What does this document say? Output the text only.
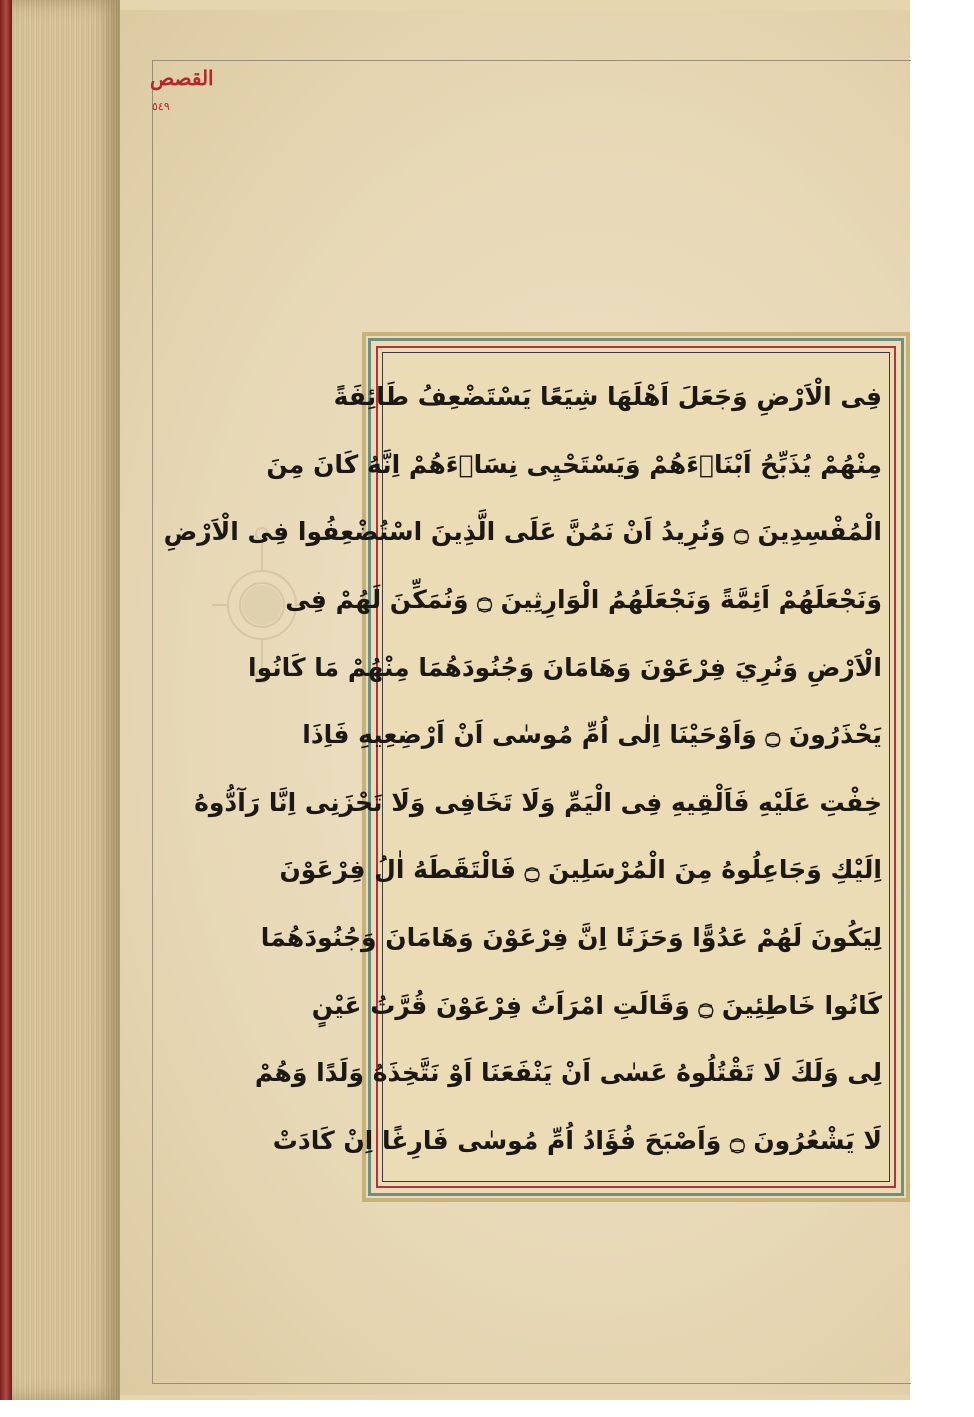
القصص
٥٤٩
فِی الْاَرْضِ وَجَعَلَ اَهْلَهَا شِيَعًا يَسْتَضْعِفُ طَائِفَةً
مِنْهُمْ يُذَبِّحُ اَبْنَاۤءَهُمْ وَيَسْتَحْيِی نِسَاۤءَهُمْ اِنَّهُ كَانَ مِنَ
الْمُفْسِدِينَ ۝ وَنُرِيدُ اَنْ نَمُنَّ عَلَى الَّذِينَ اسْتُضْعِفُوا فِی الْاَرْضِ
وَنَجْعَلَهُمْ اَئِمَّةً وَنَجْعَلَهُمُ الْوَارِثِينَ ۝ وَنُمَكِّنَ لَهُمْ فِی
الْاَرْضِ وَنُرِيَ فِرْعَوْنَ وَهَامَانَ وَجُنُودَهُمَا مِنْهُمْ مَا كَانُوا
يَحْذَرُونَ ۝ وَاَوْحَيْنَا اِلٰی اُمِّ مُوسٰی اَنْ اَرْضِعِيهِ فَاِذَا
خِفْتِ عَلَيْهِ فَاَلْقِيهِ فِی الْيَمِّ وَلَا تَخَافِی وَلَا تَحْزَنِی اِنَّا رَآدُّوهُ
اِلَيْكِ وَجَاعِلُوهُ مِنَ الْمُرْسَلِينَ ۝ فَالْتَقَطَهُ اٰلُ فِرْعَوْنَ
لِيَكُونَ لَهُمْ عَدُوًّا وَحَزَنًا اِنَّ فِرْعَوْنَ وَهَامَانَ وَجُنُودَهُمَا
كَانُوا خَاطِئِينَ ۝ وَقَالَتِ امْرَاَتُ فِرْعَوْنَ قُرَّتُ عَيْنٍ
لِی وَلَكَ لَا تَقْتُلُوهُ عَسٰی اَنْ يَنْفَعَنَا اَوْ نَتَّخِذَهُ وَلَدًا وَهُمْ
لَا يَشْعُرُونَ ۝ وَاَصْبَحَ فُؤَادُ اُمِّ مُوسٰی فَارِغًا اِنْ كَادَتْ
